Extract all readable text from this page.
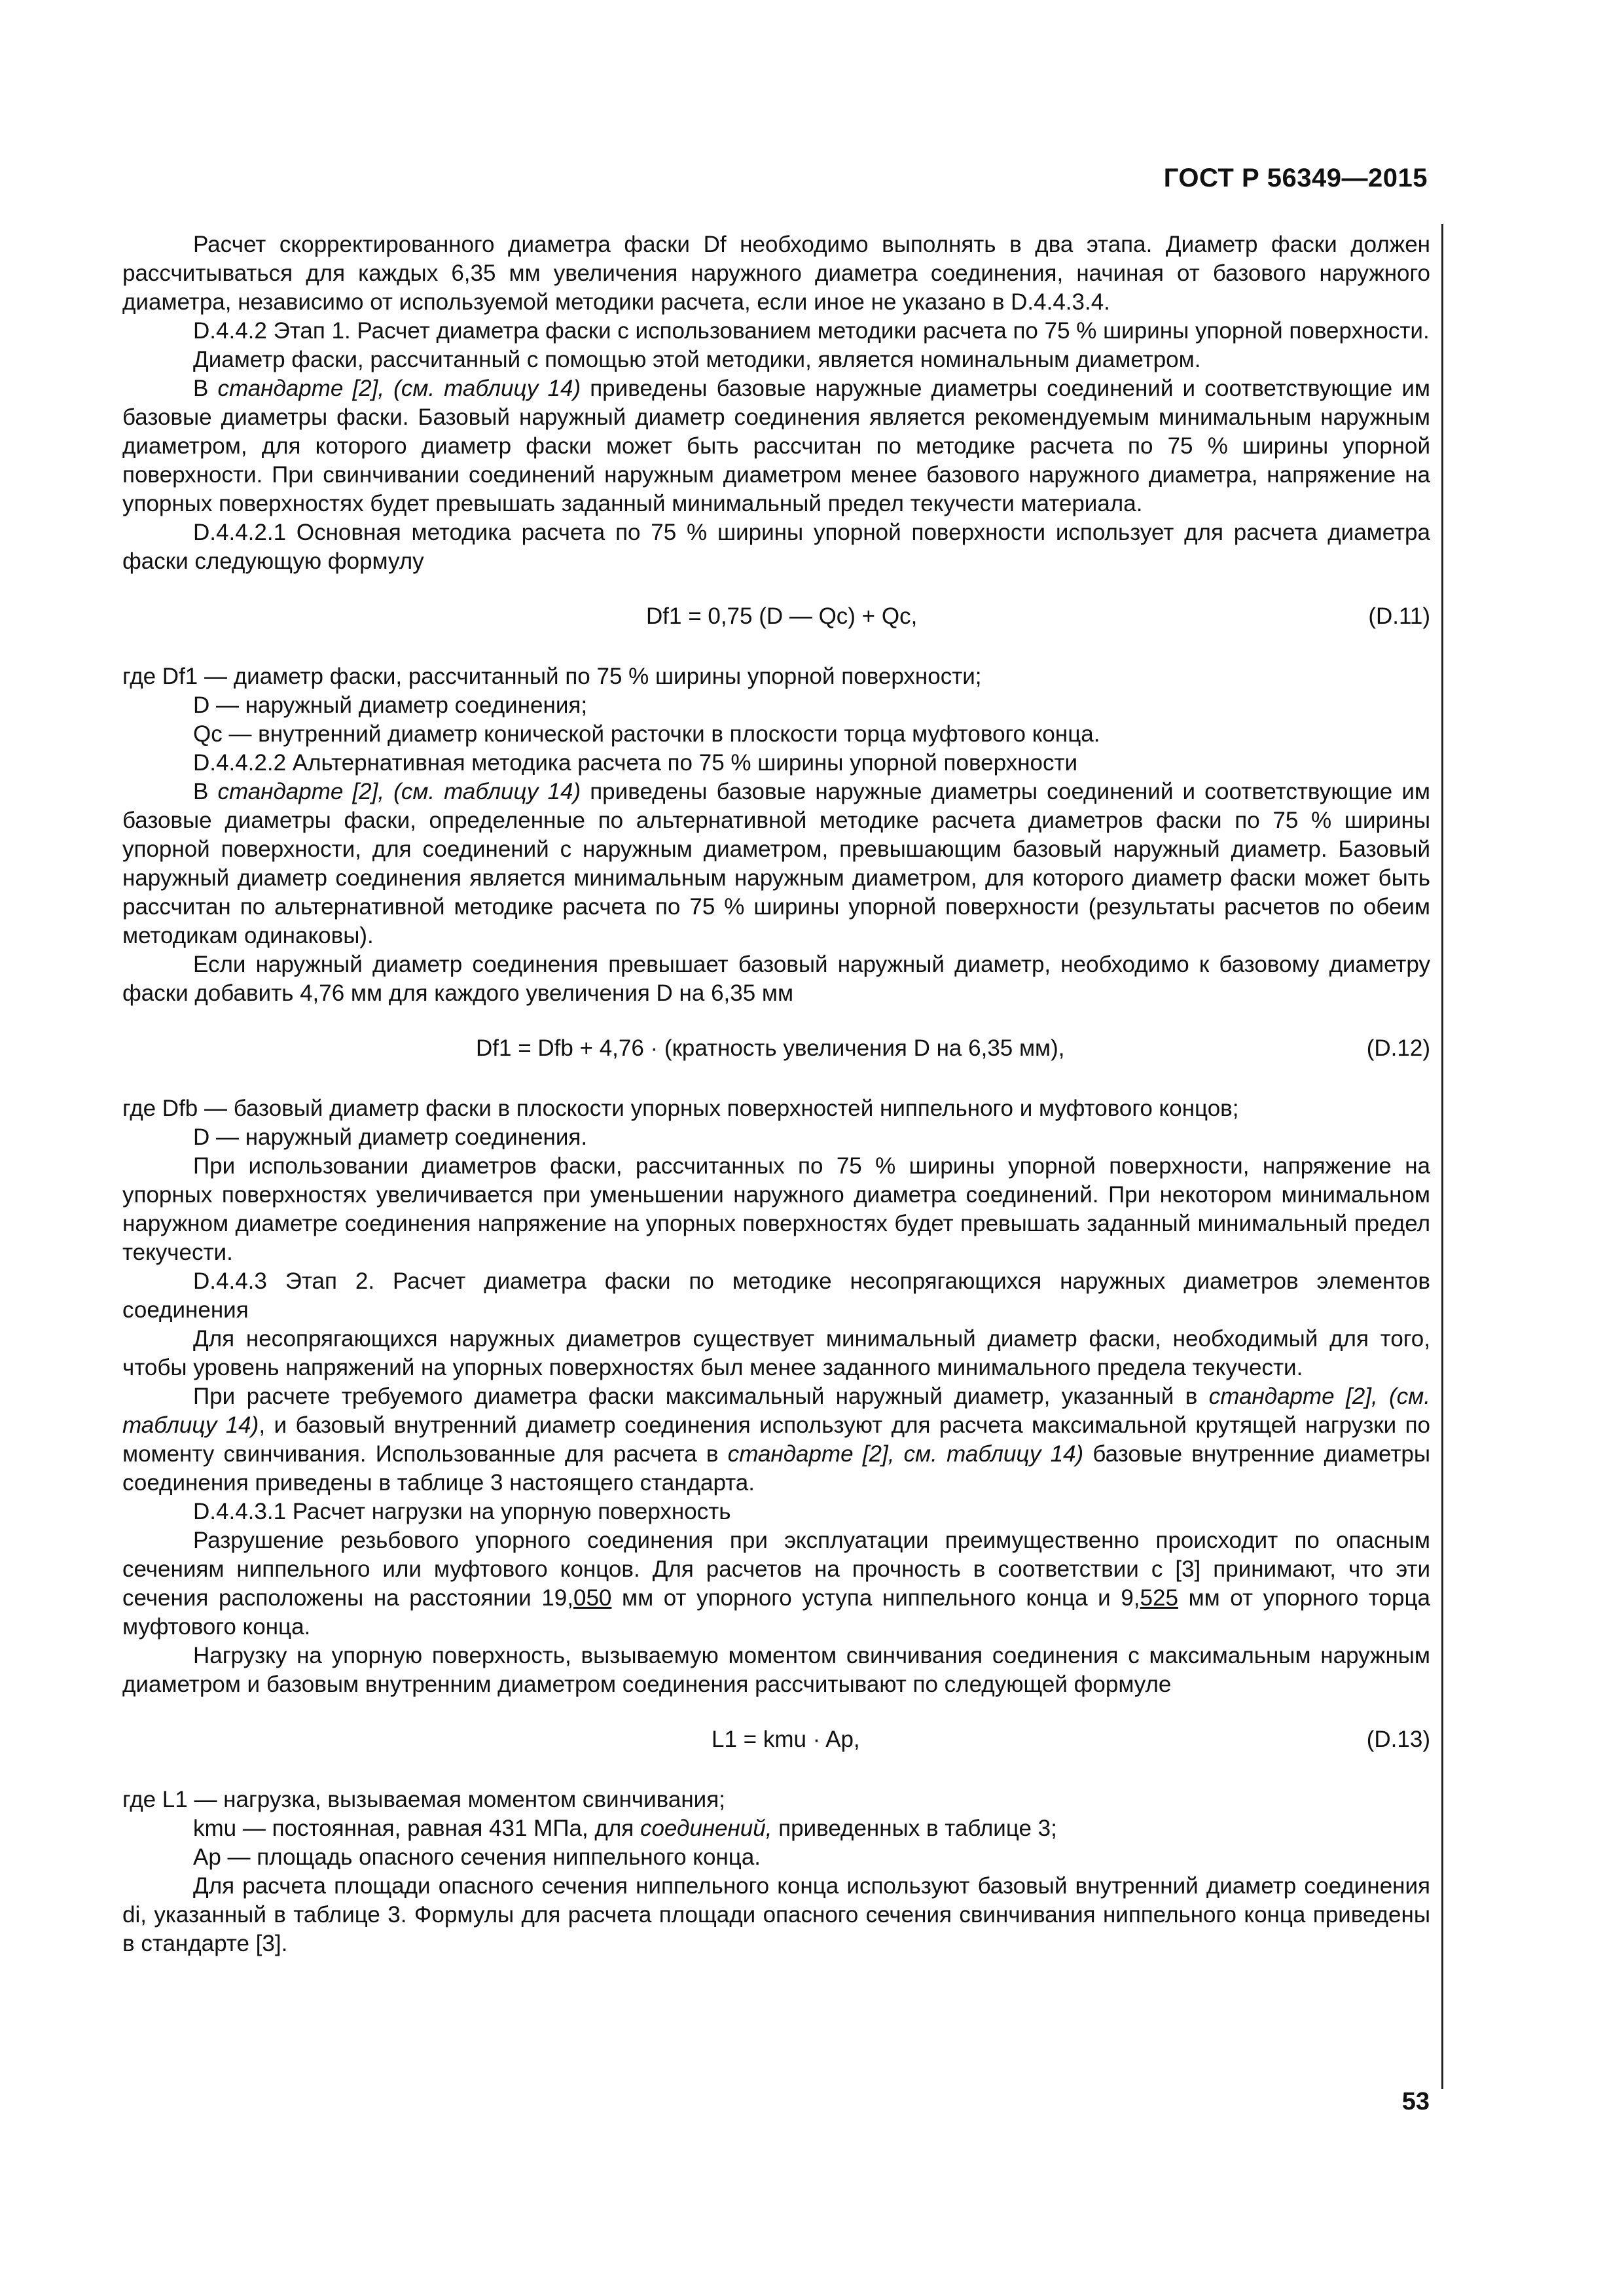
ГОСТ Р 56349—2015

Расчет скорректированного диаметра фаски Df необходимо выполнять в два этапа. Диаметр фаски должен рассчитываться для каждых 6,35 мм увеличения наружного диаметра соединения, начиная от базового наружного диаметра, независимо от используемой методики расчета, если иное не указано в D.4.4.3.4.

D.4.4.2 Этап 1. Расчет диаметра фаски с использованием методики расчета по 75 % ширины упорной поверхности.

Диаметр фаски, рассчитанный с помощью этой методики, является номинальным диаметром.

В стандарте [2], (см. таблицу 14) приведены базовые наружные диаметры соединений и соответствующие им базовые диаметры фаски. Базовый наружный диаметр соединения является рекомендуемым минимальным наружным диаметром, для которого диаметр фаски может быть рассчитан по методике расчета по 75 % ширины упорной поверхности. При свинчивании соединений наружным диаметром менее базового наружного диаметра, напряжение на упорных поверхностях будет превышать заданный минимальный предел текучести материала.

D.4.4.2.1 Основная методика расчета по 75 % ширины упорной поверхности использует для расчета диаметра фаски следующую формулу

Df1 = 0,75 (D — Qc) + Qc,	(D.11)

где Df1 — диаметр фаски, рассчитанный по 75 % ширины упорной поверхности;

D — наружный диаметр соединения;

Qc — внутренний диаметр конической расточки в плоскости торца муфтового конца.

D.4.4.2.2 Альтернативная методика расчета по 75 % ширины упорной поверхности

В стандарте [2], (см. таблицу 14) приведены базовые наружные диаметры соединений и соответствующие им базовые диаметры фаски, определенные по альтернативной методике расчета диаметров фаски по 75 % ширины упорной поверхности, для соединений с наружным диаметром, превышающим базовый наружный диаметр. Базовый наружный диаметр соединения является минимальным наружным диаметром, для которого диаметр фаски может быть рассчитан по альтернативной методике расчета по 75 % ширины упорной поверхности (результаты расчетов по обеим методикам одинаковы).

Если наружный диаметр соединения превышает базовый наружный диаметр, необходимо к базовому диаметру фаски добавить 4,76 мм для каждого увеличения D на 6,35 мм

Df1 = Dfb + 4,76 · (кратность увеличения D на 6,35 мм),	(D.12)

где Dfb — базовый диаметр фаски в плоскости упорных поверхностей ниппельного и муфтового концов;

D — наружный диаметр соединения.

При использовании диаметров фаски, рассчитанных по 75 % ширины упорной поверхности, напряжение на упорных поверхностях увеличивается при уменьшении наружного диаметра соединений. При некотором минимальном наружном диаметре соединения напряжение на упорных поверхностях будет превышать заданный минимальный предел текучести.

D.4.4.3 Этап 2. Расчет диаметра фаски по методике несопрягающихся наружных диаметров элементов соединения

Для несопрягающихся наружных диаметров существует минимальный диаметр фаски, необходимый для того, чтобы уровень напряжений на упорных поверхностях был менее заданного минимального предела текучести.

При расчете требуемого диаметра фаски максимальный наружный диаметр, указанный в стандарте [2], (см. таблицу 14), и базовый внутренний диаметр соединения используют для расчета максимальной крутящей нагрузки по моменту свинчивания. Использованные для расчета в стандарте [2], см. таблицу 14) базовые внутренние диаметры соединения приведены в таблице 3 настоящего стандарта.

D.4.4.3.1 Расчет нагрузки на упорную поверхность

Разрушение резьбового упорного соединения при эксплуатации преимущественно происходит по опасным сечениям ниппельного или муфтового концов. Для расчетов на прочность в соответствии с [3] принимают, что эти сечения расположены на расстоянии 19,050 мм от упорного уступа ниппельного конца и 9,525 мм от упорного торца муфтового конца.

Нагрузку на упорную поверхность, вызываемую моментом свинчивания соединения с максимальным наружным диаметром и базовым внутренним диаметром соединения рассчитывают по следующей формуле

L1 = kmu · Ap,	(D.13)

где L1 — нагрузка, вызываемая моментом свинчивания;

kmu — постоянная, равная 431 МПа, для соединений, приведенных в таблице 3;

Ap — площадь опасного сечения ниппельного конца.

Для расчета площади опасного сечения ниппельного конца используют базовый внутренний диаметр соединения di, указанный в таблице 3. Формулы для расчета площади опасного сечения свинчивания ниппельного конца приведены в стандарте [3].

53
